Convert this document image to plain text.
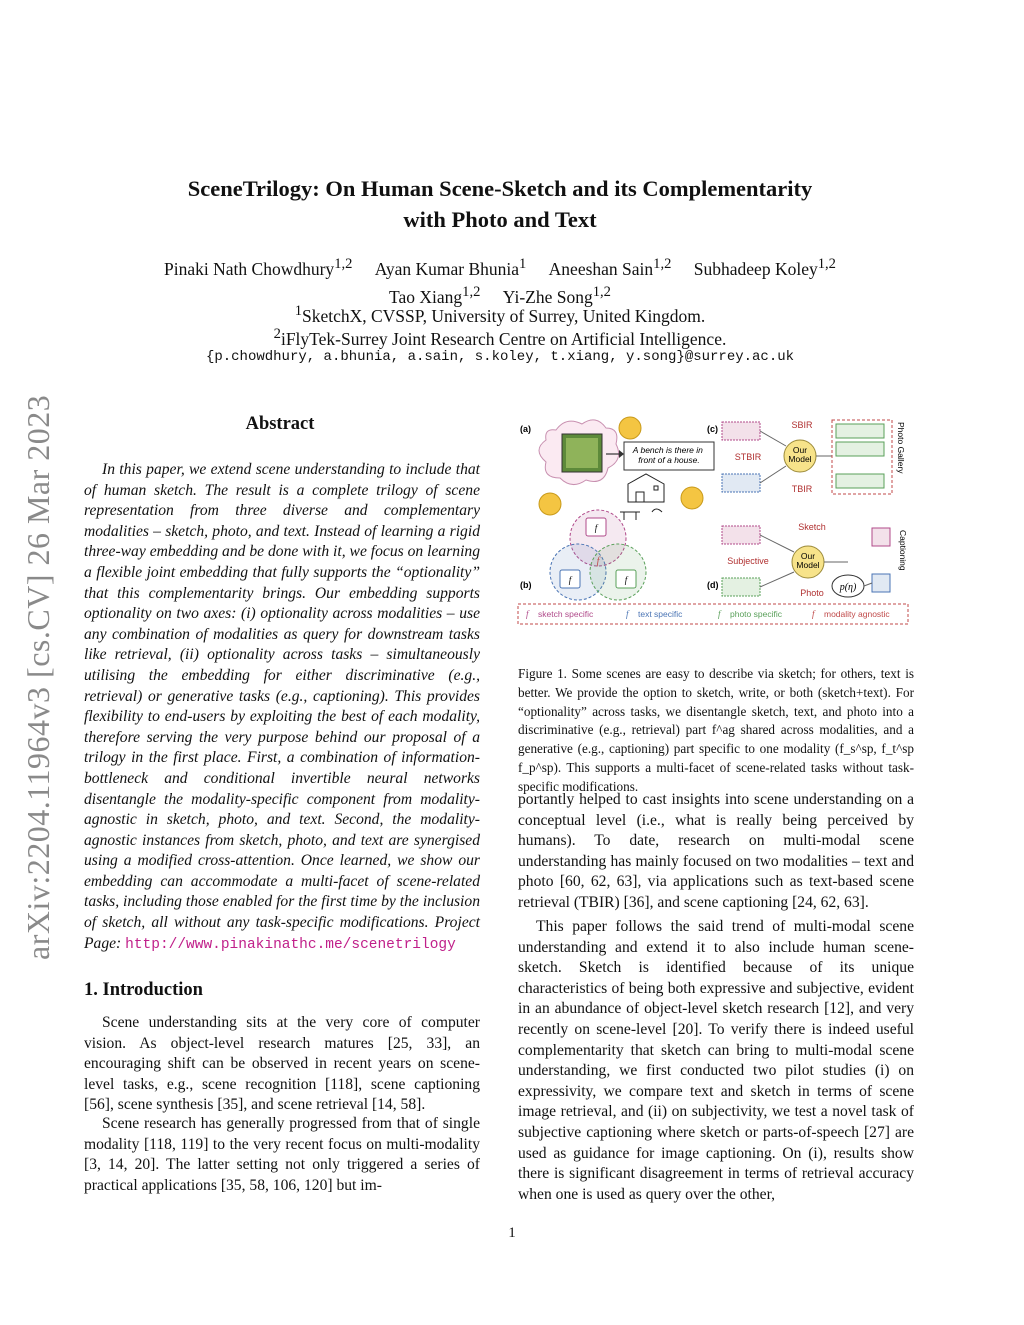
arXiv:2204.11964v3 [cs.CV] 26 Mar 2023
SceneTrilogy: On Human Scene-Sketch and its Complementarity
with Photo and Text
Pinaki Nath Chowdhury$^{1,2}$ Ayan Kumar Bhunia$^1$ Aneeshan Sain$^{1,2}$ Subhadeep Koley$^{1,2}$
Tao Xiang$^{1,2}$ Yi-Zhe Song$^{1,2}$
$^1$SketchX, CVSSP, University of Surrey, United Kingdom.
$^2$iFlyTek-Surrey Joint Research Centre on Artificial Intelligence.
{p.chowdhury, a.bhunia, a.sain, s.koley, t.xiang, y.song}@surrey.ac.uk
Abstract
In this paper, we extend scene understanding to include that of human sketch. The result is a complete trilogy of scene representation from three diverse and complementary modalities – sketch, photo, and text. Instead of learning a rigid three-way embedding and be done with it, we focus on learning a flexible joint embedding that fully supports the “optionality” that this complementarity brings. Our embedding supports optionality on two axes: (i) optionality across modalities – use any combination of modalities as query for downstream tasks like retrieval, (ii) optionality across tasks – simultaneously utilising the embedding for either discriminative (e.g., retrieval) or generative tasks (e.g., captioning). This provides flexibility to end-users by exploiting the best of each modality, therefore serving the very purpose behind our proposal of a trilogy in the first place. First, a combination of information-bottleneck and conditional invertible neural networks disentangle the modality-specific component from modality-agnostic in sketch, photo, and text. Second, the modality-agnostic instances from sketch, photo, and text are synergised using a modified cross-attention. Once learned, we show our embedding can accommodate a multi-facet of scene-related tasks, including those enabled for the first time by the inclusion of sketch, all without any task-specific modifications. Project Page: http://www.pinakinathc.me/scenetrilogy
1. Introduction
Scene understanding sits at the very core of computer vision. As object-level research matures [25, 33], an encouraging shift can be observed in recent years on scene-level tasks, e.g., scene recognition [118], scene captioning [56], scene synthesis [35], and scene retrieval [14, 58].
Scene research has generally progressed from that of single modality [118, 119] to the very recent focus on multi-modality [3, 14, 20]. The latter setting not only triggered a series of practical applications [35, 58, 106, 120] but im-
(a)
A bench is there in front of a house.
(b)
f
f	f
f
(c)
Our Model
SBIR
STBIR
TBIR
Photo Gallery
(d)
Our Model
Sketch
Subjective
Photo p(η)
Captioning
sketch specific	text specific	photo specific	modality agnostic
f	f	f	f
Figure 1. Some scenes are easy to describe via sketch; for others, text is better. We provide the option to sketch, write, or both (sketch+text). For “optionality” across tasks, we disentangle sketch, text, and photo into a discriminative (e.g., retrieval) part f^ag shared across modalities, and a generative (e.g., captioning) part specific to one modality (f_s^sp, f_t^sp f_p^sp). This supports a multi-facet of scene-related tasks without task-specific modifications.
portantly helped to cast insights into scene understanding on a conceptual level (i.e., what is really being perceived by humans). To date, research on multi-modal scene understanding has mainly focused on two modalities – text and photo [60, 62, 63], via applications such as text-based scene retrieval (TBIR) [36], and scene captioning [24, 62, 63].
This paper follows the said trend of multi-modal scene understanding and extend it to also include human scene-sketch. Sketch is identified because of its unique characteristics of being both expressive and subjective, evident in an abundance of object-level sketch research [12], and very recently on scene-level [20]. To verify there is indeed useful complementarity that sketch can bring to multi-modal scene understanding, we first conducted two pilot studies (i) on expressivity, we compare text and sketch in terms of scene image retrieval, and (ii) on subjectivity, we test a novel task of subjective captioning where sketch or parts-of-speech [27] are used as guidance for image captioning. On (i), results show there is significant disagreement in terms of retrieval accuracy when one is used as query over the other,
1
